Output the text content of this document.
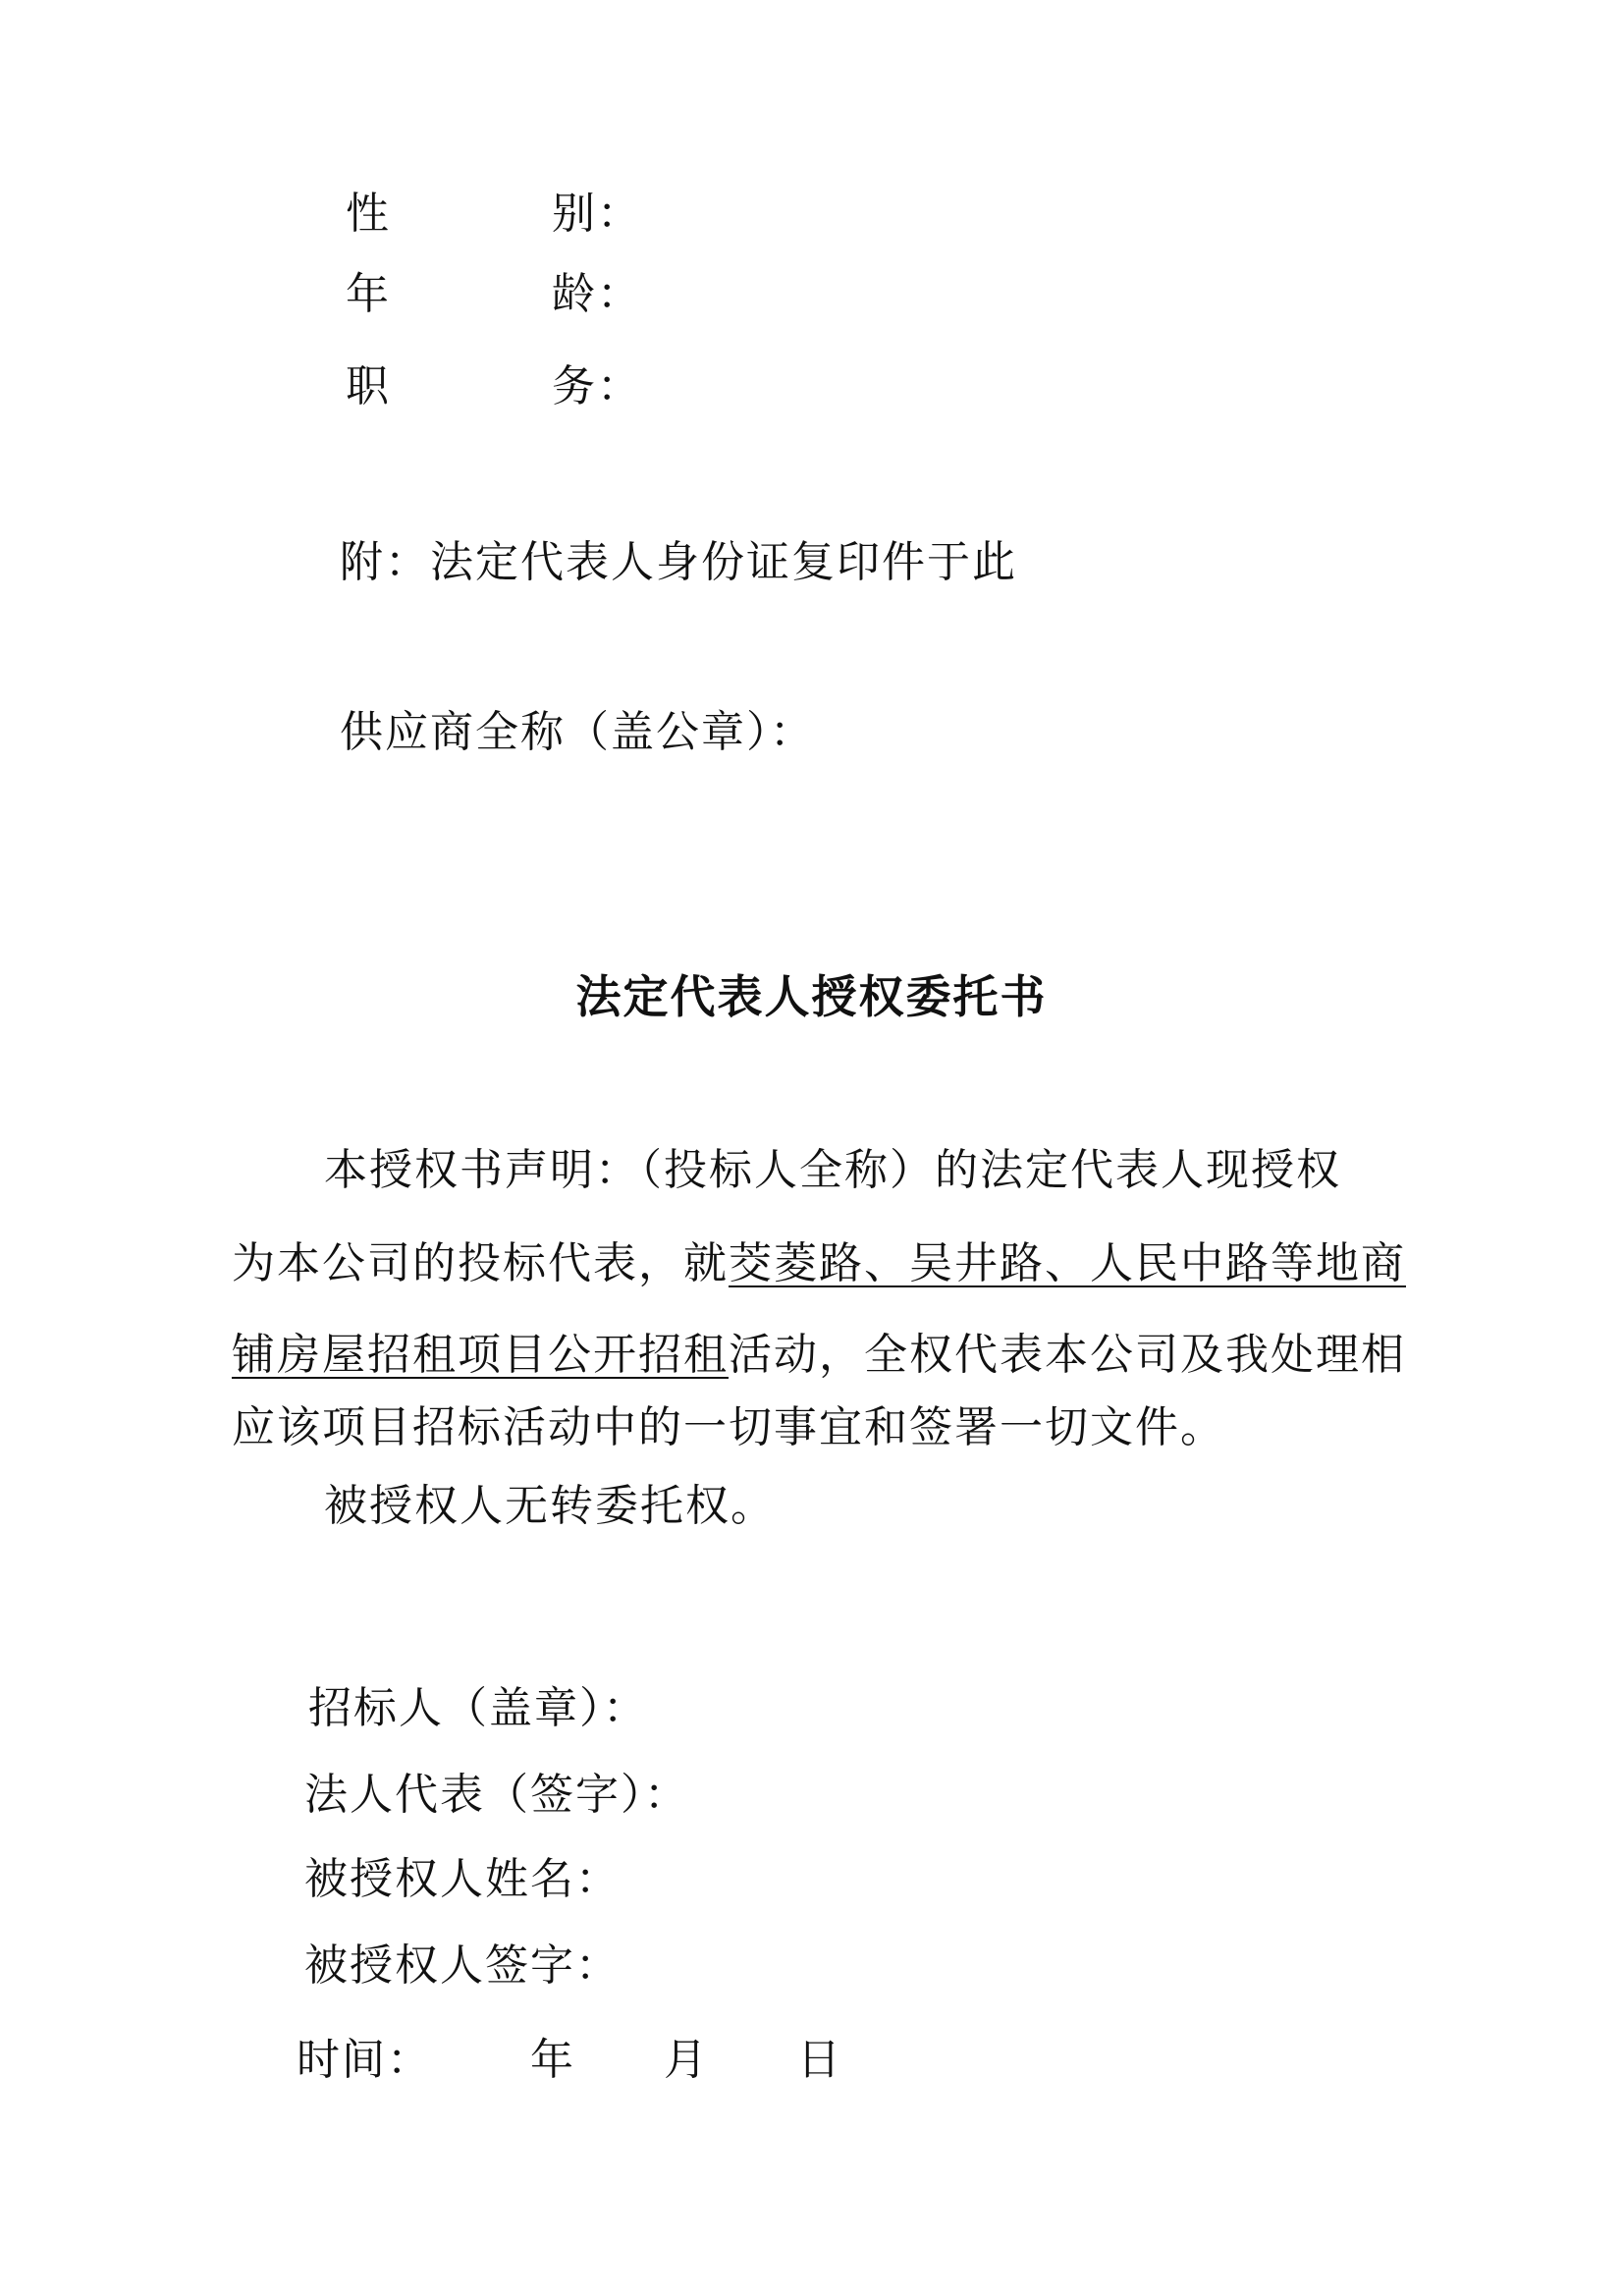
性	别：
年	龄：
职	务：
附：法定代表人身份证复印件于此
供应商全称（盖公章）：
法定代表人授权委托书
本授权书声明：（投标人全称）的法定代表人现授权
为本公司的投标代表，就茭菱路、吴井路、人民中路等地商
铺房屋招租项目公开招租活动，全权代表本公司及我处理相
应该项目招标活动中的一切事宜和签署一切文件。
被授权人无转委托权。
招标人（盖章）：
法人代表（签字）：
被授权人姓名：
被授权人签字：
时间： 年 月 日
